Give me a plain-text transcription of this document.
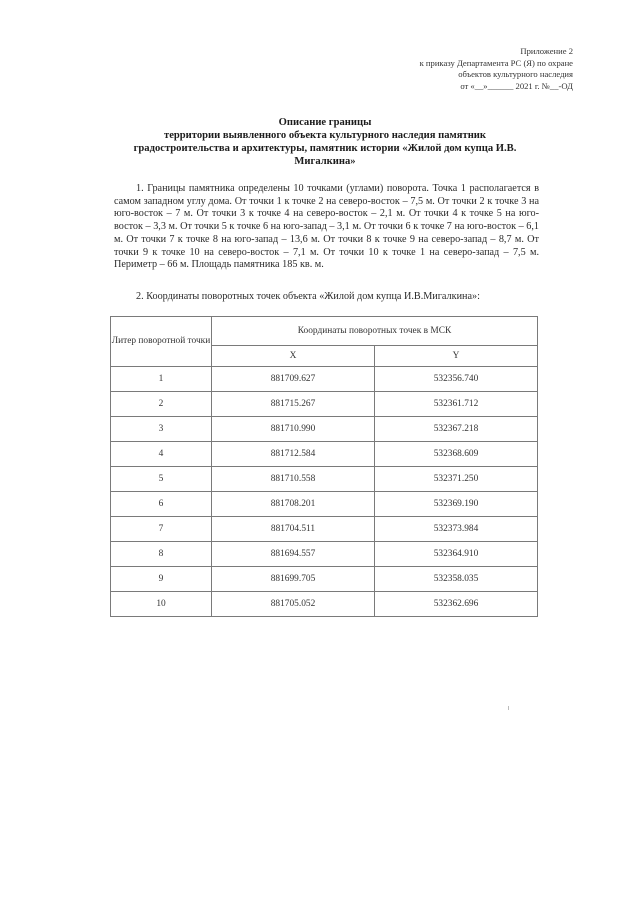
Приложение 2
к приказу Департамента РС (Я) по охране
объектов культурного наследия
от «__»______ 2021 г. №__-ОД
Описание границы
территории выявленного объекта культурного наследия памятник
градостроительства и архитектуры, памятник истории «Жилой дом купца И.В.
Мигалкина»
1. Границы памятника определены 10 точками (углами) поворота. Точка 1 располагается в самом западном углу дома. От точки 1 к точке 2 на северо-восток – 7,5 м. От точки 2 к точке 3 на юго-восток – 7 м. От точки 3 к точке 4 на северо-восток – 2,1 м. От точки 4 к точке 5 на юго-восток – 3,3 м. От точки 5 к точке 6 на юго-запад – 3,1 м. От точки 6 к точке 7 на юго-восток – 6,1 м. От точки 7 к точке 8 на юго-запад – 13,6 м. От точки 8 к точке 9 на северо-запад – 8,7 м. От точки 9 к точке 10 на северо-восток – 7,1 м. От точки 10 к точке 1 на северо-запад – 7,5 м. Периметр – 66 м. Площадь памятника 185 кв. м.
2. Координаты поворотных точек объекта «Жилой дом купца И.В.Мигалкина»:
Литер поворотной точки	Координаты поворотных точек в МСК	
	X	Y
1	881709.627	532356.740
2	881715.267	532361.712
3	881710.990	532367.218
4	881712.584	532368.609
5	881710.558	532371.250
6	881708.201	532369.190
7	881704.511	532373.984
8	881694.557	532364.910
9	881699.705	532358.035
10	881705.052	532362.696
